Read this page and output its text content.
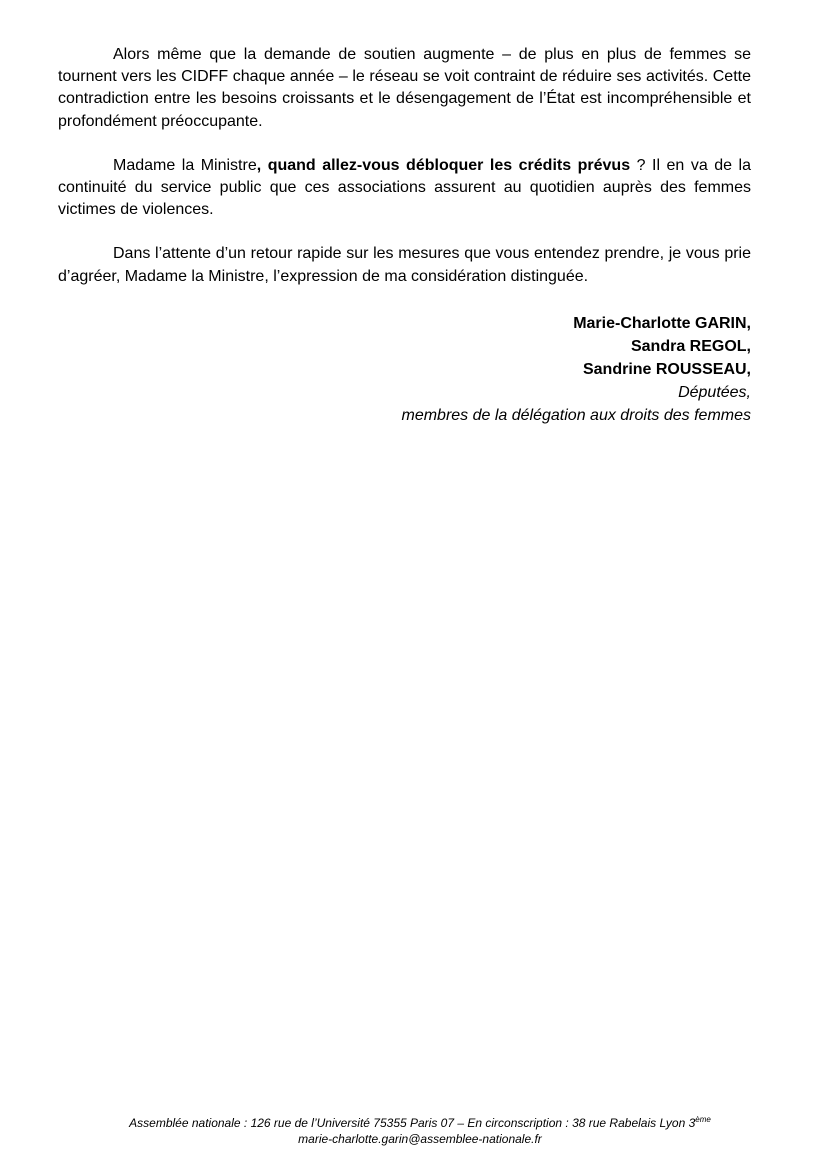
Alors même que la demande de soutien augmente – de plus en plus de femmes se tournent vers les CIDFF chaque année – le réseau se voit contraint de réduire ses activités. Cette contradiction entre les besoins croissants et le désengagement de l’État est incompréhensible et profondément préoccupante.

Madame la Ministre, quand allez-vous débloquer les crédits prévus ? Il en va de la continuité du service public que ces associations assurent au quotidien auprès des femmes victimes de violences.

Dans l’attente d’un retour rapide sur les mesures que vous entendez prendre, je vous prie d’agréer, Madame la Ministre, l’expression de ma considération distinguée.

Marie-Charlotte GARIN,
Sandra REGOL,
Sandrine ROUSSEAU,
Députées,
membres de la délégation aux droits des femmes
Assemblée nationale : 126 rue de l’Université 75355 Paris 07 – En circonscription : 38 rue Rabelais Lyon 3ème
marie-charlotte.garin@assemblee-nationale.fr
